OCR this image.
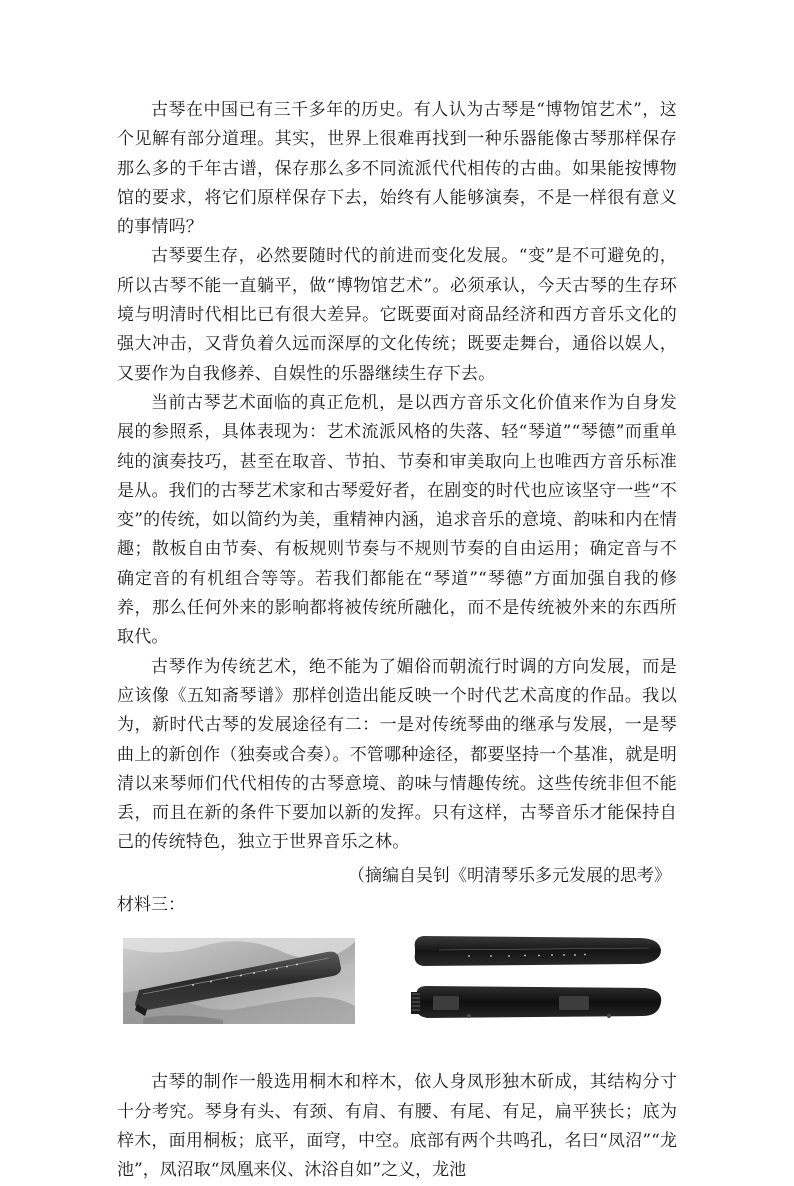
古琴在中国已有三千多年的历史。有人认为古琴是“博物馆艺术”，这个见解有部分道理。其实，世界上很难再找到一种乐器能像古琴那样保存那么多的千年古谱，保存那么多不同流派代代相传的古曲。如果能按博物馆的要求，将它们原样保存下去，始终有人能够演奏，不是一样很有意义的事情吗？

古琴要生存，必然要随时代的前进而变化发展。“变”是不可避免的，所以古琴不能一直躺平，做“博物馆艺术”。必须承认，今天古琴的生存环境与明清时代相比已有很大差异。它既要面对商品经济和西方音乐文化的强大冲击，又背负着久远而深厚的文化传统；既要走舞台，通俗以娱人，又要作为自我修养、自娱性的乐器继续生存下去。

当前古琴艺术面临的真正危机，是以西方音乐文化价值来作为自身发展的参照系，具体表现为：艺术流派风格的失落、轻“琴道”“琴德”而重单纯的演奏技巧，甚至在取音、节拍、节奏和审美取向上也唯西方音乐标准是从。我们的古琴艺术家和古琴爱好者，在剧变的时代也应该坚守一些“不变”的传统，如以简约为美，重精神内涵，追求音乐的意境、韵味和内在情趣；散板自由节奏、有板规则节奏与不规则节奏的自由运用；确定音与不确定音的有机组合等等。若我们都能在“琴道”“琴德”方面加强自我的修养，那么任何外来的影响都将被传统所融化，而不是传统被外来的东西所取代。

古琴作为传统艺术，绝不能为了媚俗而朝流行时调的方向发展，而是应该像《五知斋琴谱》那样创造出能反映一个时代艺术高度的作品。我以为，新时代古琴的发展途径有二：一是对传统琴曲的继承与发展，一是琴曲上的新创作（独奏或合奏）。不管哪种途径，都要坚持一个基准，就是明清以来琴师们代代相传的古琴意境、韵味与情趣传统。这些传统非但不能丢，而且在新的条件下要加以新的发挥。只有这样，古琴音乐才能保持自己的传统特色，独立于世界音乐之林。

（摘编自吴钊《明清琴乐多元发展的思考》

材料三：

古琴的制作一般选用桐木和梓木，依人身凤形独木斫成，其结构分寸十分考究。琴身有头、有颈、有肩、有腰、有尾、有足，扁平狭长；底为梓木，面用桐板；底平，面穹，中空。底部有两个共鸣孔，名曰“凤沼”“龙池”，凤沼取“凤凰来仪、沐浴自如”之义，龙池
